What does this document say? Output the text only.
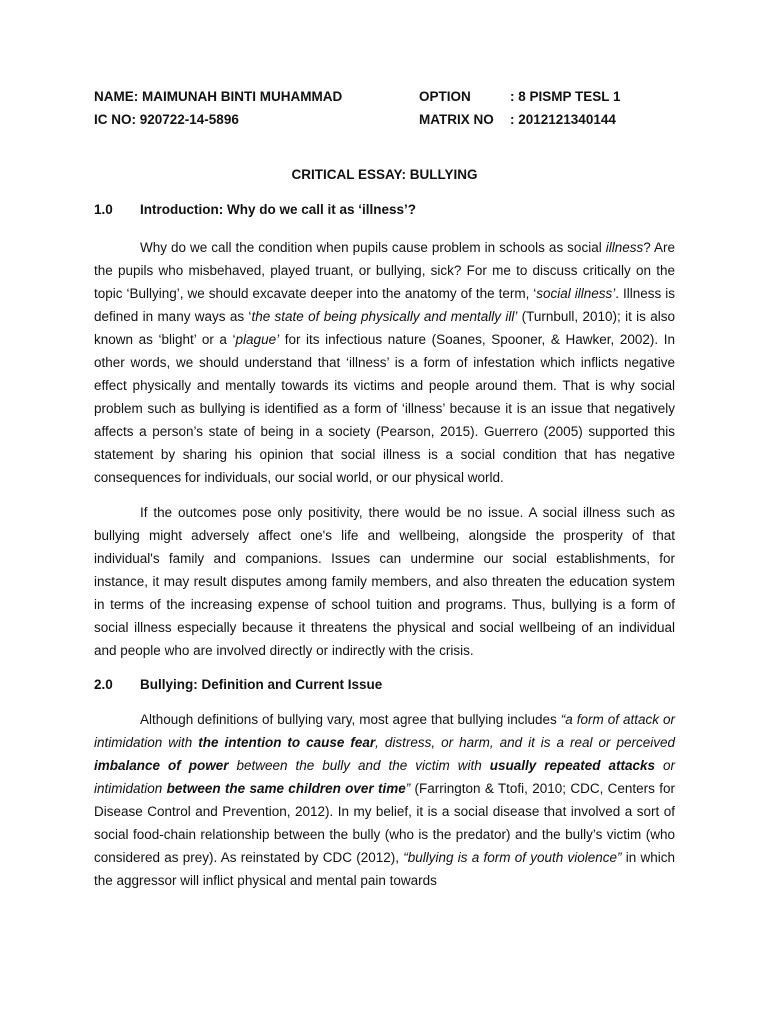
NAME: MAIMUNAH BINTI MUHAMMAD	OPTION	: 8 PISMP TESL 1
IC NO: 920722-14-5896	MATRIX NO	: 2012121340144
CRITICAL ESSAY: BULLYING
1.0	Introduction: Why do we call it as ‘illness’?

Why do we call the condition when pupils cause problem in schools as social illness? Are the pupils who misbehaved, played truant, or bullying, sick? For me to discuss critically on the topic ‘Bullying’, we should excavate deeper into the anatomy of the term, ‘social illness’. Illness is defined in many ways as ‘the state of being physically and mentally ill’ (Turnbull, 2010); it is also known as ‘blight’ or a ‘plague’ for its infectious nature (Soanes, Spooner, & Hawker, 2002). In other words, we should understand that ‘illness’ is a form of infestation which inflicts negative effect physically and mentally towards its victims and people around them. That is why social problem such as bullying is identified as a form of ‘illness’ because it is an issue that negatively affects a person’s state of being in a society (Pearson, 2015). Guerrero (2005) supported this statement by sharing his opinion that social illness is a social condition that has negative consequences for individuals, our social world, or our physical world.

If the outcomes pose only positivity, there would be no issue. A social illness such as bullying might adversely affect one's life and wellbeing, alongside the prosperity of that individual's family and companions. Issues can undermine our social establishments, for instance, it may result disputes among family members, and also threaten the education system in terms of the increasing expense of school tuition and programs. Thus, bullying is a form of social illness especially because it threatens the physical and social wellbeing of an individual and people who are involved directly or indirectly with the crisis.

2.0	Bullying: Definition and Current Issue

Although definitions of bullying vary, most agree that bullying includes “a form of attack or intimidation with the intention to cause fear, distress, or harm, and it is a real or perceived imbalance of power between the bully and the victim with usually repeated attacks or intimidation between the same children over time” (Farrington & Ttofi, 2010; CDC, Centers for Disease Control and Prevention, 2012). In my belief, it is a social disease that involved a sort of social food-chain relationship between the bully (who is the predator) and the bully’s victim (who considered as prey). As reinstated by CDC (2012), “bullying is a form of youth violence” in which the aggressor will inflict physical and mental pain towards
